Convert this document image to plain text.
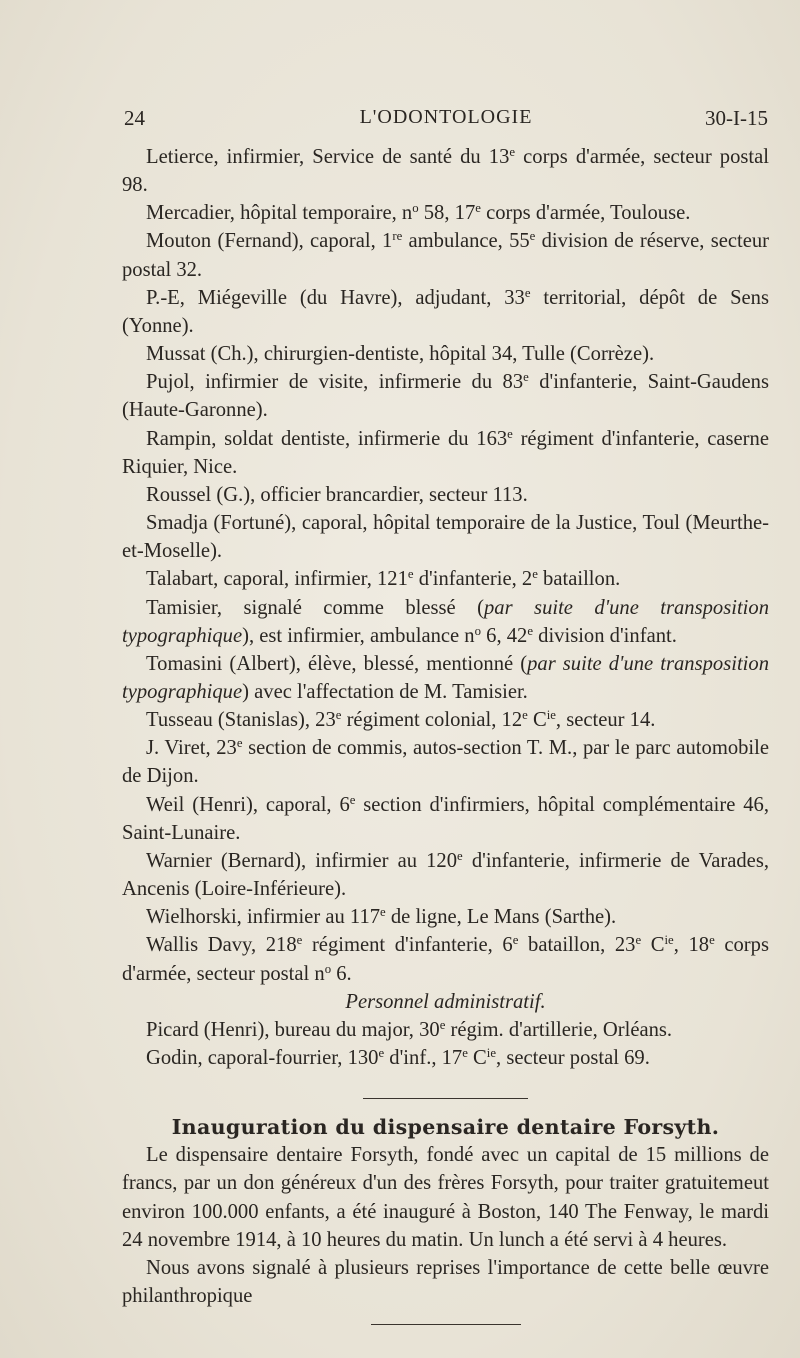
24	L'ODONTOLOGIE	30-I-15

Letierce, infirmier, Service de santé du 13e corps d'armée, secteur postal 98.

Mercadier, hôpital temporaire, $n^o$ 58, 17e corps d'armée, Toulouse.

Mouton (Fernand), caporal, 1re ambulance, 55e division de réserve, secteur postal 32.

P.-E, Miégeville (du Havre), adjudant, 33e territorial, dépôt de Sens (Yonne).

Mussat (Ch.), chirurgien-dentiste, hôpital 34, Tulle (Corrèze).

Pujol, infirmier de visite, infirmerie du 83e d'infanterie, Saint-Gaudens (Haute-Garonne).

Rampin, soldat dentiste, infirmerie du 163e régiment d'infanterie, caserne Riquier, Nice.

Roussel (G.), officier brancardier, secteur 113.

Smadja (Fortuné), caporal, hôpital temporaire de la Justice, Toul (Meurthe-et-Moselle).

Talabart, caporal, infirmier, 121e d'infanterie, 2e bataillon.

Tamisier, signalé comme blessé (par suite d'une transposition typographique), est infirmier, ambulance $n^o$ 6, 42e division d'infant.

Tomasini (Albert), élève, blessé, mentionné (par suite d'une transposition typographique) avec l'affectation de M. Tamisier.

Tusseau (Stanislas), 23e régiment colonial, 12e $C^{ie}$, secteur 14.

J. Viret, 23e section de commis, autos-section T. M., par le parc automobile de Dijon.

Weil (Henri), caporal, 6e section d'infirmiers, hôpital complémentaire 46, Saint-Lunaire.

Warnier (Bernard), infirmier au 120e d'infanterie, infirmerie de Varades, Ancenis (Loire-Inférieure).

Wielhorski, infirmier au 117e de ligne, Le Mans (Sarthe).

Wallis Davy, 218e régiment d'infanterie, 6e bataillon, 23e $C^{ie}$, 18e corps d'armée, secteur postal $n^o$ 6.

Personnel administratif.

Picard (Henri), bureau du major, 30e régim. d'artillerie, Orléans.

Godin, caporal-fourrier, 130e d'inf., 17e $C^{ie}$, secteur postal 69.

Inauguration du dispensaire dentaire Forsyth.

Le dispensaire dentaire Forsyth, fondé avec un capital de 15 millions de francs, par un don généreux d'un des frères Forsyth, pour traiter gratuitemeut environ 100.000 enfants, a été inauguré à Boston, 140 The Fenway, le mardi 24 novembre 1914, à 10 heures du matin. Un lunch a été servi à 4 heures.

Nous avons signalé à plusieurs reprises l'importance de cette belle œuvre philanthropique
